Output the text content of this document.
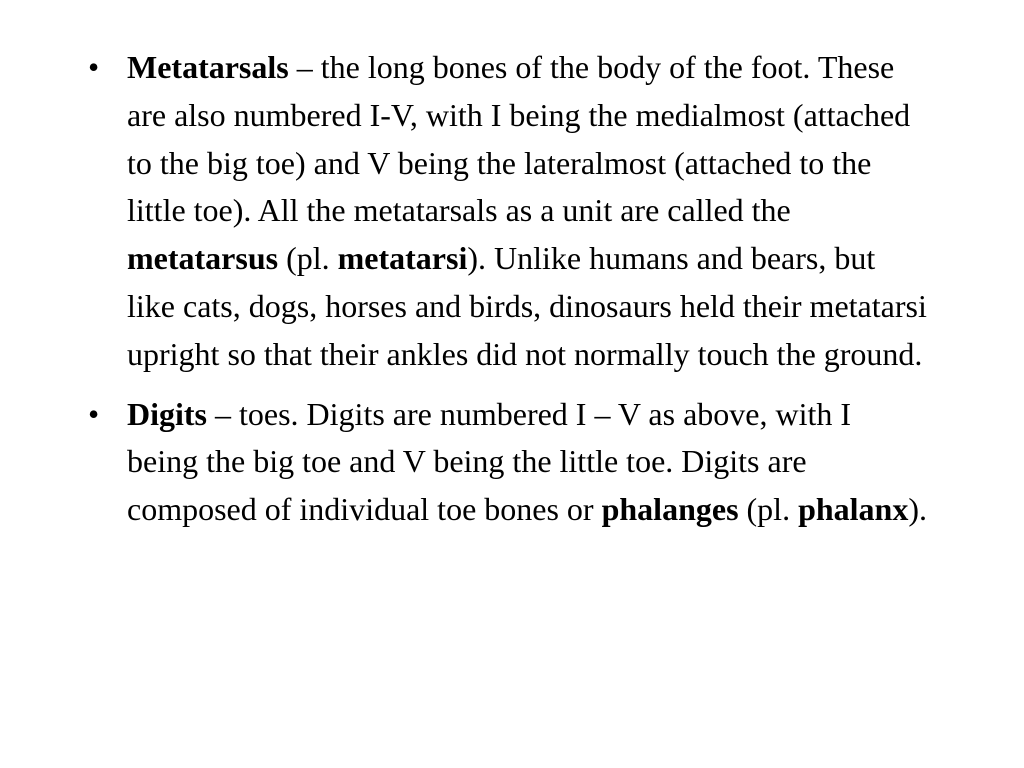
• Metatarsals – the long bones of the body of the foot. These are also numbered I-V, with I being the medialmost (attached to the big toe) and V being the lateralmost (attached to the little toe). All the metatarsals as a unit are called the metatarsus (pl. metatarsi). Unlike humans and bears, but like cats, dogs, horses and birds, dinosaurs held their metatarsi upright so that their ankles did not normally touch the ground.
• Digits – toes. Digits are numbered I – V as above, with I being the big toe and V being the little toe. Digits are composed of individual toe bones or phalanges (pl. phalanx).
